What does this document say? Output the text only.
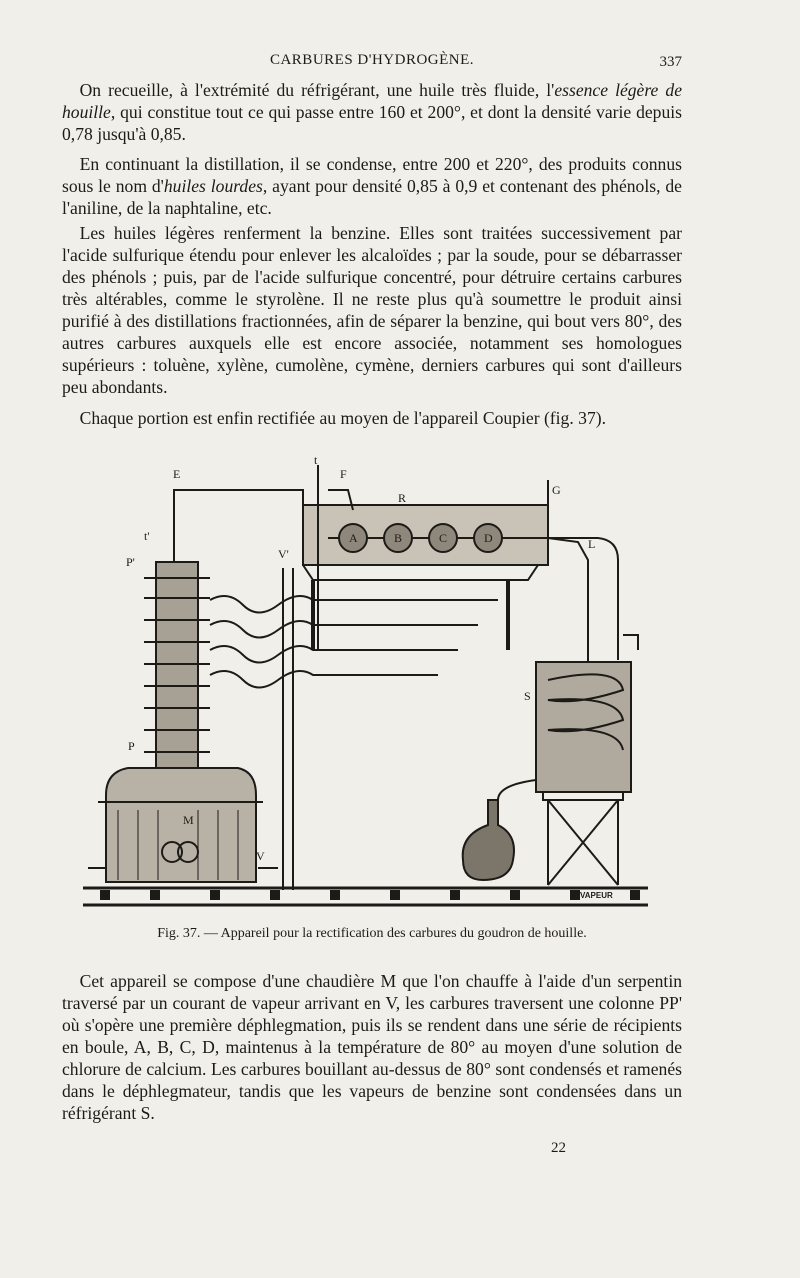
CARBURES D'HYDROGÈNE.	337

 On recueille, à l'extrémité du réfrigérant, une huile très fluide, l'essence légère de houille, qui constitue tout ce qui passe entre 160 et 200°, et dont la densité varie depuis 0,78 jusqu'à 0,85.

 En continuant la distillation, il se condense, entre 200 et 220°, des produits connus sous le nom d'huiles lourdes, ayant pour densité 0,85 à 0,9 et contenant des phénols, de l'aniline, de la naphtaline, etc.

 Les huiles légères renferment la benzine. Elles sont traitées successivement par l'acide sulfurique étendu pour enlever les alcaloïdes ; par la soude, pour se débarrasser des phénols ; puis, par de l'acide sulfurique concentré, pour détruire certains carbures très altérables, comme le styrolène. Il ne reste plus qu'à soumettre le produit ainsi purifié à des distillations fractionnées, afin de séparer la benzine, qui bout vers 80°, des autres carbures auxquels elle est encore associée, notamment ses homologues supérieurs : toluène, xylène, cumolène, cymène, derniers carbures qui sont d'ailleurs peu abondants.

 Chaque portion est enfin rectifiée au moyen de l'appareil Coupier (fig. 37).

E
t
F
R
G
t'
P'
V'
A	B	C	D	L
S
P
M
V
VAPEUR
Fig. 37. — Appareil pour la rectification des carbures du goudron de houille.

 Cet appareil se compose d'une chaudière M que l'on chauffe à l'aide d'un serpentin traversé par un courant de vapeur arrivant en V, les carbures traversent une colonne PP' où s'opère une première déphlegmation, puis ils se rendent dans une série de récipients en boule, A, B, C, D, maintenus à la température de 80° au moyen d'une solution de chlorure de calcium. Les carbures bouillant au-dessus de 80° sont condensés et ramenés dans le déphlegmateur, tandis que les vapeurs de benzine sont condensées dans un réfrigérant S.

22
